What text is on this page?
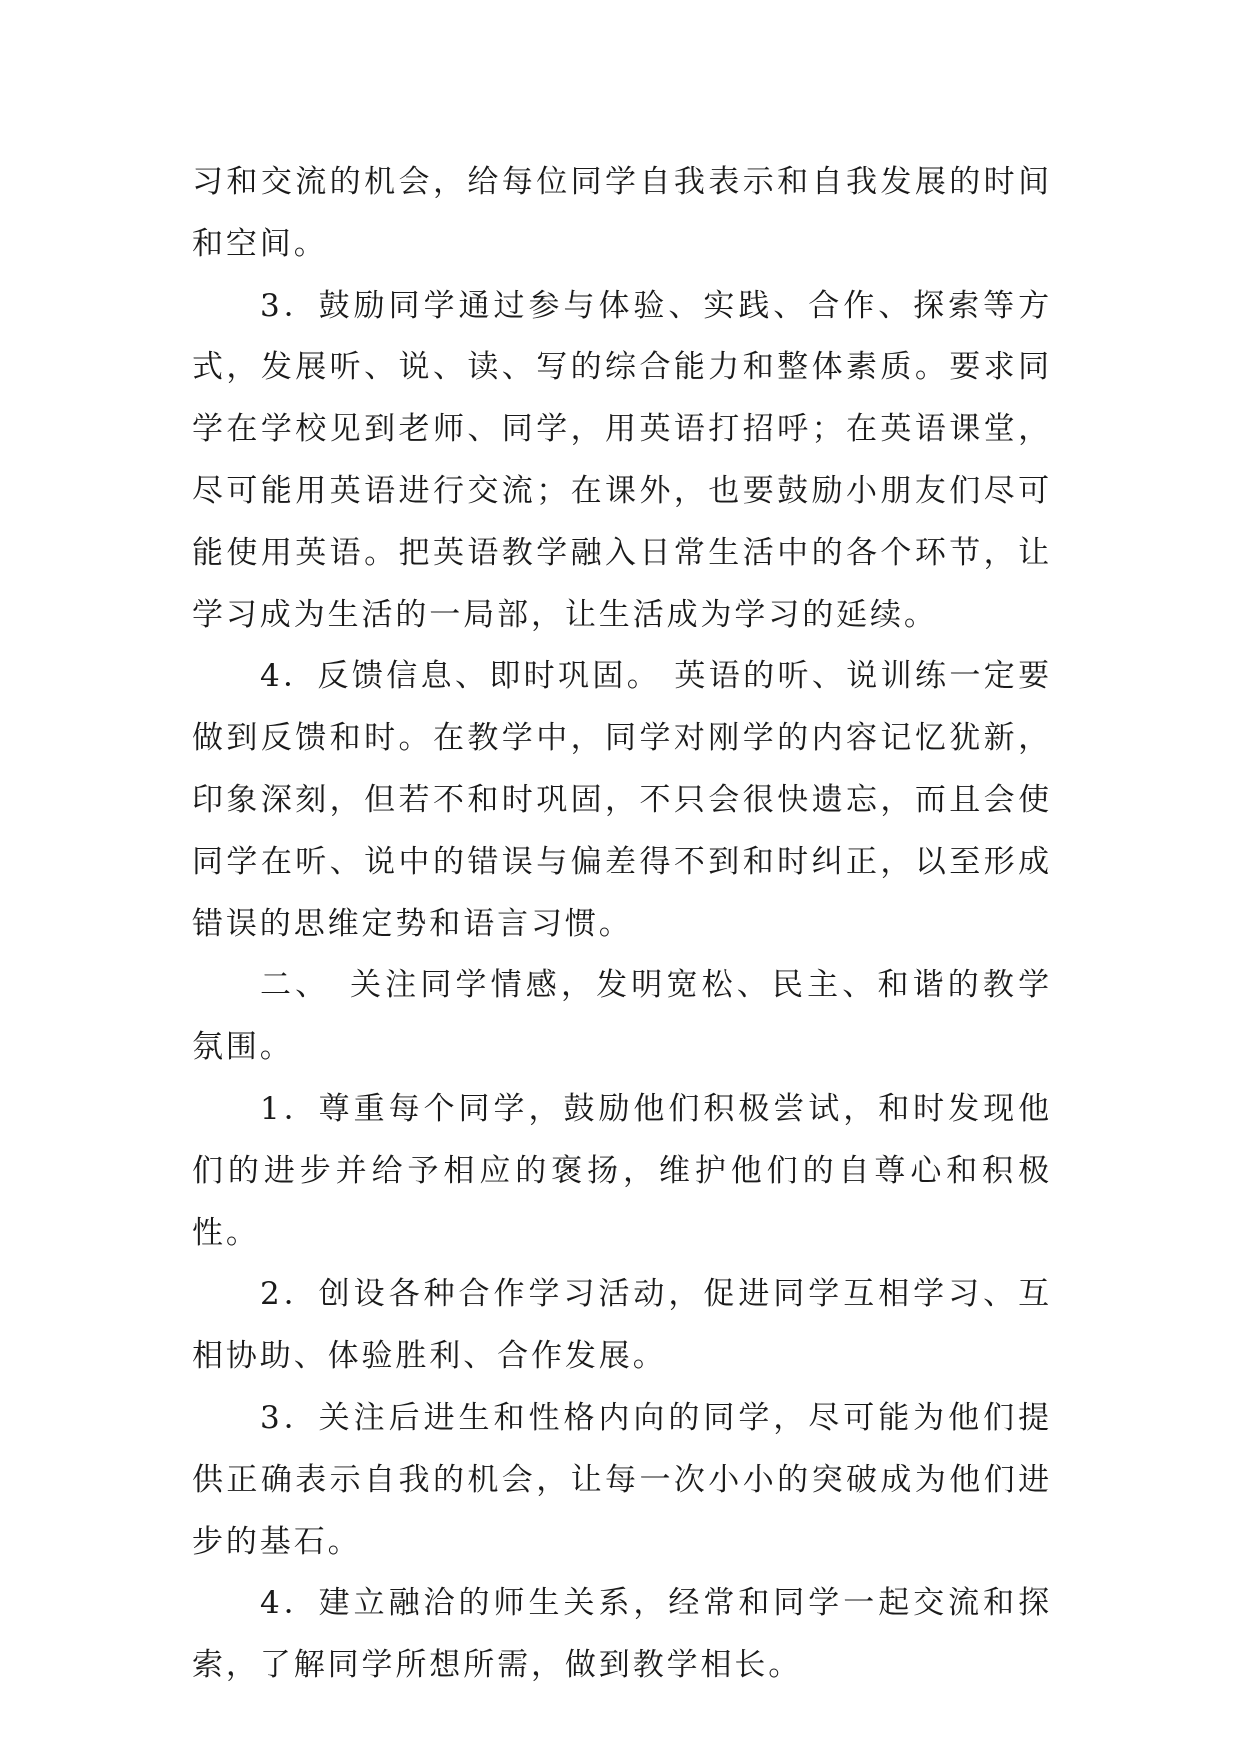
习和交流的机会，给每位同学自我表示和自我发展的时间和空间。

3．鼓励同学通过参与体验、实践、合作、探索等方式，发展听、说、读、写的综合能力和整体素质。要求同学在学校见到老师、同学，用英语打招呼；在英语课堂，尽可能用英语进行交流；在课外，也要鼓励小朋友们尽可能使用英语。把英语教学融入日常生活中的各个环节，让学习成为生活的一局部，让生活成为学习的延续。

4．反馈信息、即时巩固。 英语的听、说训练一定要做到反馈和时。在教学中，同学对刚学的内容记忆犹新，印象深刻，但若不和时巩固，不只会很快遗忘，而且会使同学在听、说中的错误与偏差得不到和时纠正，以至形成错误的思维定势和语言习惯。

二、　关注同学情感，发明宽松、民主、和谐的教学氛围。

1．尊重每个同学，鼓励他们积极尝试，和时发现他们的进步并给予相应的褒扬，维护他们的自尊心和积极性。

2．创设各种合作学习活动，促进同学互相学习、互相协助、体验胜利、合作发展。

3．关注后进生和性格内向的同学，尽可能为他们提供正确表示自我的机会，让每一次小小的突破成为他们进步的基石。

4．建立融洽的师生关系，经常和同学一起交流和探索，了解同学所想所需，做到教学相长。
